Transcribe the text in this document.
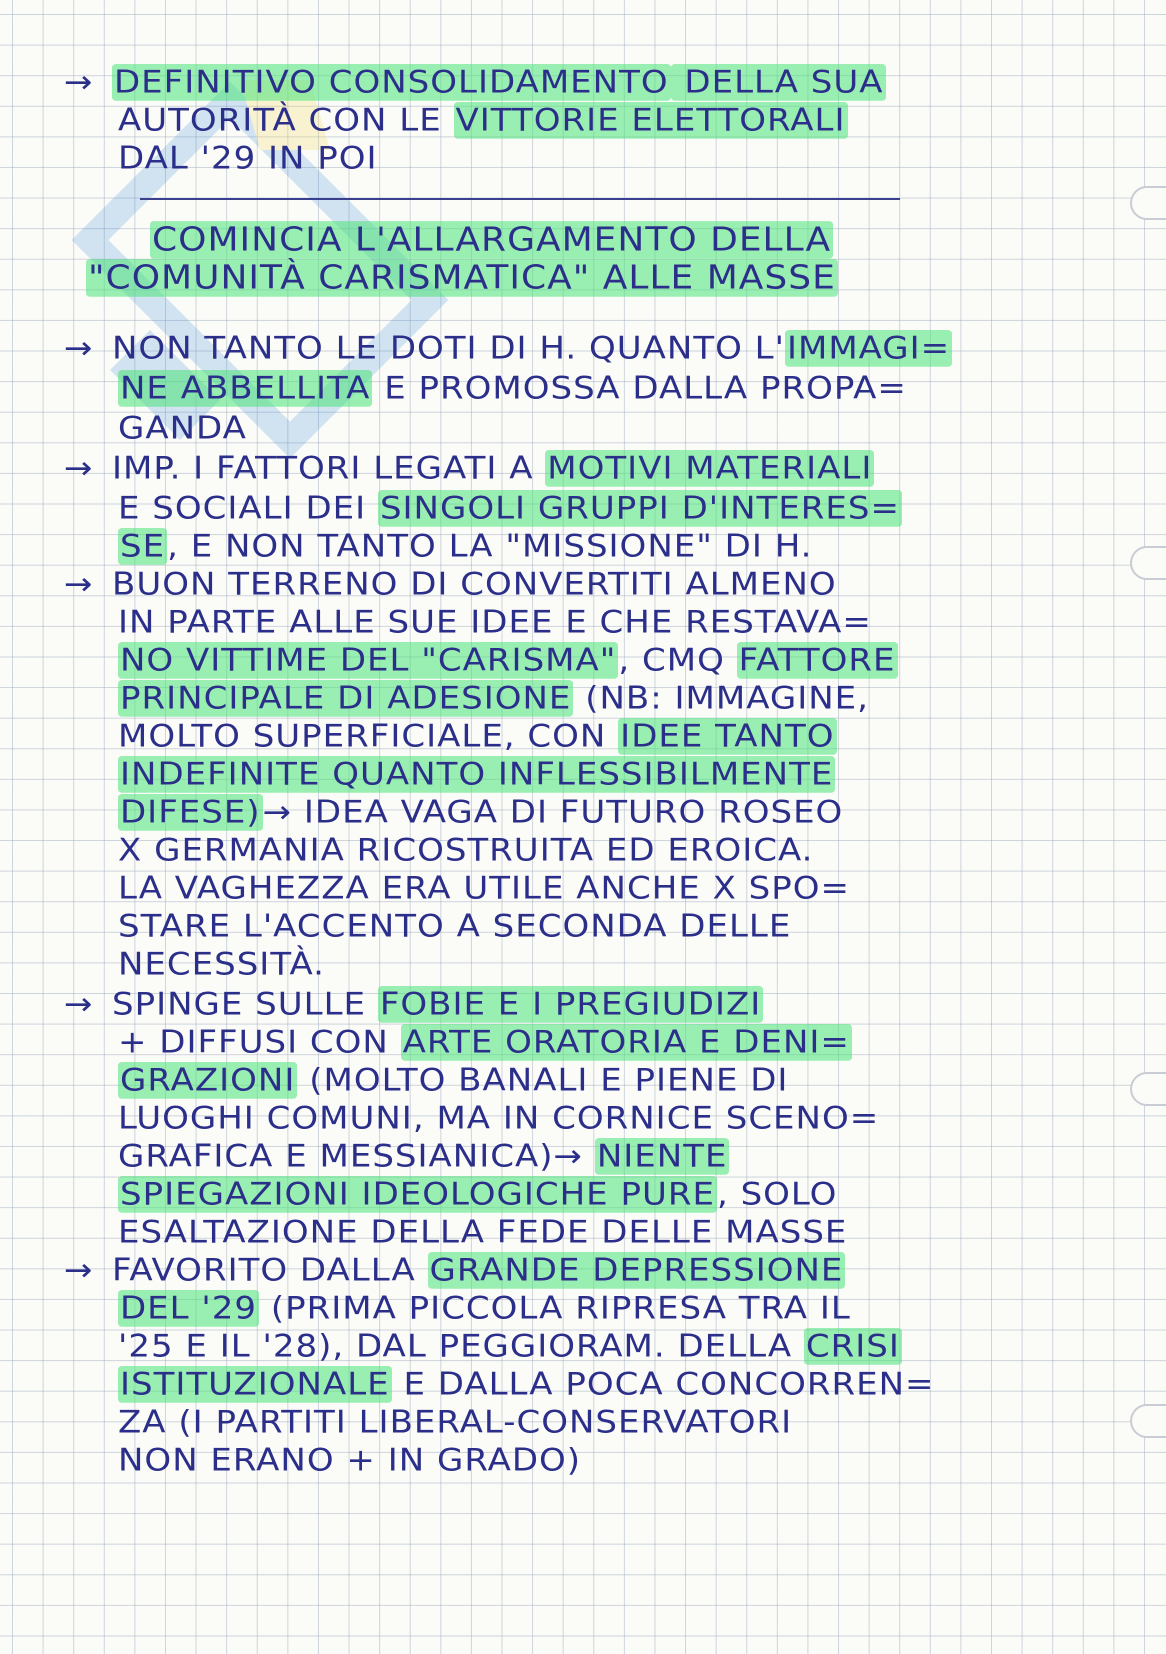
→ DEFINITIVO CONSOLIDAMENTO DELLA SUA
AUTORITÀ CON LE VITTORIE ELETTORALI
DAL '29 IN POI
COMINCIA L'ALLARGAMENTO DELLA
"COMUNITÀ CARISMATICA" ALLE MASSE
→ NON TANTO LE DOTI DI H. QUANTO L'IMMAGI=
NE ABBELLITA E PROMOSSA DALLA PROPA=
GANDA
→ IMP. I FATTORI LEGATI A MOTIVI MATERIALI
E SOCIALI DEI SINGOLI GRUPPI D'INTERES=
SE, E NON TANTO LA "MISSIONE" DI H.
→ BUON TERRENO DI CONVERTITI ALMENO
IN PARTE ALLE SUE IDEE E CHE RESTAVA=
NO VITTIME DEL "CARISMA", CMQ FATTORE
PRINCIPALE DI ADESIONE (NB: IMMAGINE,
MOLTO SUPERFICIALE, CON IDEE TANTO
INDEFINITE QUANTO INFLESSIBILMENTE
DIFESE)→ IDEA VAGA DI FUTURO ROSEO
X GERMANIA RICOSTRUITA ED EROICA.
LA VAGHEZZA ERA UTILE ANCHE X SPO=
STARE L'ACCENTO A SECONDA DELLE
NECESSITÀ.
→ SPINGE SULLE FOBIE E I PREGIUDIZI
+ DIFFUSI CON ARTE ORATORIA E DENI=
GRAZIONI (MOLTO BANALI E PIENE DI
LUOGHI COMUNI, MA IN CORNICE SCENO=
GRAFICA E MESSIANICA)→ NIENTE
SPIEGAZIONI IDEOLOGICHE PURE, SOLO
ESALTAZIONE DELLA FEDE DELLE MASSE
→ FAVORITO DALLA GRANDE DEPRESSIONE
DEL '29 (PRIMA PICCOLA RIPRESA TRA IL
'25 E IL '28), DAL PEGGIORAM. DELLA CRISI
ISTITUZIONALE E DALLA POCA CONCORREN=
ZA (I PARTITI LIBERAL-CONSERVATORI
NON ERANO + IN GRADO)
